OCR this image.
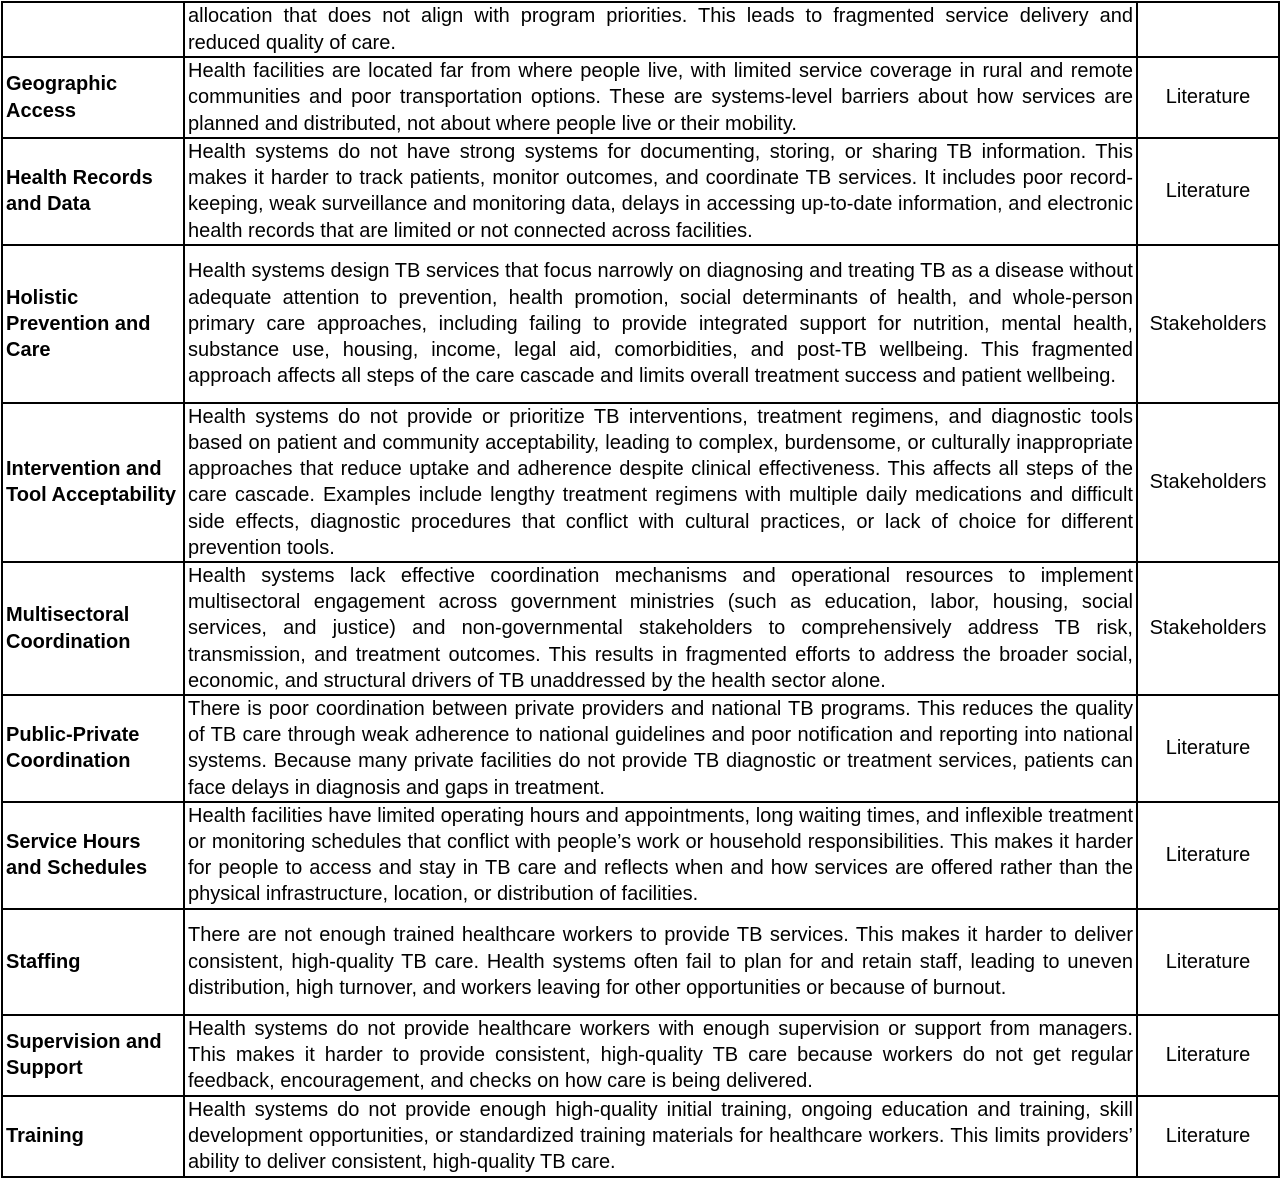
	allocation that does not align with program priorities. This leads to fragmented service delivery and reduced quality of care.	
Geographic Access	Health facilities are located far from where people live, with limited service coverage in rural and remote communities and poor transportation options. These are systems-level barriers about how services are planned and distributed, not about where people live or their mobility.	Literature
Health Records and Data	Health systems do not have strong systems for documenting, storing, or sharing TB information. This makes it harder to track patients, monitor outcomes, and coordinate TB services. It includes poor record-keeping, weak surveillance and monitoring data, delays in accessing up-to-date information, and electronic health records that are limited or not connected across facilities.	Literature
Holistic Prevention and Care	Health systems design TB services that focus narrowly on diagnosing and treating TB as a disease without adequate attention to prevention, health promotion, social determinants of health, and whole-person primary care approaches, including failing to provide integrated support for nutrition, mental health, substance use, housing, income, legal aid, comorbidities, and post-TB wellbeing. This fragmented approach affects all steps of the care cascade and limits overall treatment success and patient wellbeing.	Stakeholders
Intervention and Tool Acceptability	Health systems do not provide or prioritize TB interventions, treatment regimens, and diagnostic tools based on patient and community acceptability, leading to complex, burdensome, or culturally inappropriate approaches that reduce uptake and adherence despite clinical effectiveness. This affects all steps of the care cascade. Examples include lengthy treatment regimens with multiple daily medications and difficult side effects, diagnostic procedures that conflict with cultural practices, or lack of choice for different prevention tools.	Stakeholders
Multisectoral Coordination	Health systems lack effective coordination mechanisms and operational resources to implement multisectoral engagement across government ministries (such as education, labor, housing, social services, and justice) and non-governmental stakeholders to comprehensively address TB risk, transmission, and treatment outcomes. This results in fragmented efforts to address the broader social, economic, and structural drivers of TB unaddressed by the health sector alone.	Stakeholders
Public-Private Coordination	There is poor coordination between private providers and national TB programs. This reduces the quality of TB care through weak adherence to national guidelines and poor notification and reporting into national systems. Because many private facilities do not provide TB diagnostic or treatment services, patients can face delays in diagnosis and gaps in treatment.	Literature
Service Hours and Schedules	Health facilities have limited operating hours and appointments, long waiting times, and inflexible treatment or monitoring schedules that conflict with people’s work or household responsibilities. This makes it harder for people to access and stay in TB care and reflects when and how services are offered rather than the physical infrastructure, location, or distribution of facilities.	Literature
Staffing	There are not enough trained healthcare workers to provide TB services. This makes it harder to deliver consistent, high-quality TB care. Health systems often fail to plan for and retain staff, leading to uneven distribution, high turnover, and workers leaving for other opportunities or because of burnout.	Literature
Supervision and Support	Health systems do not provide healthcare workers with enough supervision or support from managers. This makes it harder to provide consistent, high-quality TB care because workers do not get regular feedback, encouragement, and checks on how care is being delivered.	Literature
Training	Health systems do not provide enough high-quality initial training, ongoing education and training, skill development opportunities, or standardized training materials for healthcare workers. This limits providers’ ability to deliver consistent, high-quality TB care.	Literature
